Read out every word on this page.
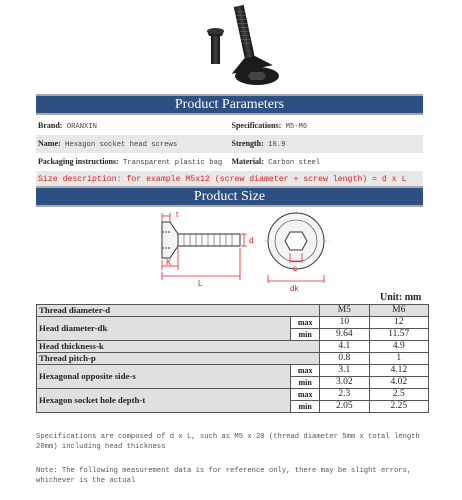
Product Parameters
Brand: ORANXIN	Specifications: M5-M6
Name: Hexagon socket head screws	Strength: 10.9
Packaging instructions: Transparent plastic bag	Material: Carbon steel
Size description: for example M5x12 (screw diameter + screw length) = d x L
Product Size
t
d
K
L
s
dk
Unit: mm
Thread diameter-d		M5	M6
Head diameter-dk	max	10	12
	min	9.64	11.57
Head thickness-k		4.1	4.9
Thread pitch-p		0.8	1
Hexagonal opposite side-s	max	3.1	4.12
	min	3.02	4.02
Hexagon socket hole depth-t	max	2.3	2.5
	min	2.05	2.25
Specifications are composed of d x L, such as M5 x 20 (thread diameter 5mm x total length 20mm) including head thickness
Note: The following measurement data is for reference only, there may be slight errors, whichever is the actual
